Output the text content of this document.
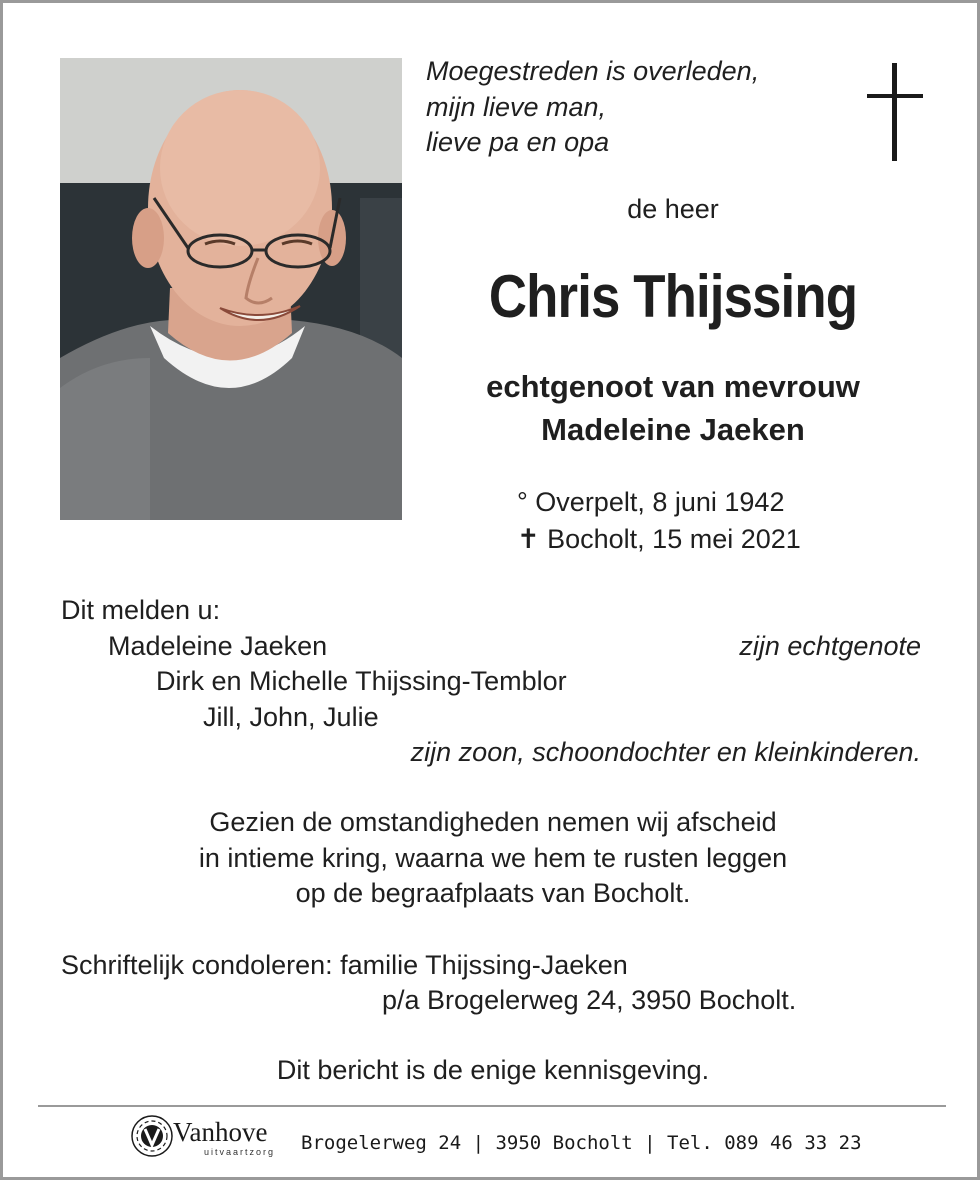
Moegestreden is overleden,
mijn lieve man,
lieve pa en opa
de heer
Chris Thijssing
echtgenoot van mevrouw
Madeleine Jaeken
° Overpelt, 8 juni 1942
✝ Bocholt, 15 mei 2021
Dit melden u:
Madeleine Jaeken	zijn echtgenote
Dirk en Michelle Thijssing-Temblor
Jill, John, Julie
zijn zoon, schoondochter en kleinkinderen.
Gezien de omstandigheden nemen wij afscheid
in intieme kring, waarna we hem te rusten leggen
op de begraafplaats van Bocholt.
Schriftelijk condoleren: familie Thijssing-Jaeken
p/a Brogelerweg 24, 3950 Bocholt.
Dit bericht is de enige kennisgeving.
Vanhove
uitvaartzorg Brogelerweg 24 | 3950 Bocholt | Tel. 089 46 33 23
